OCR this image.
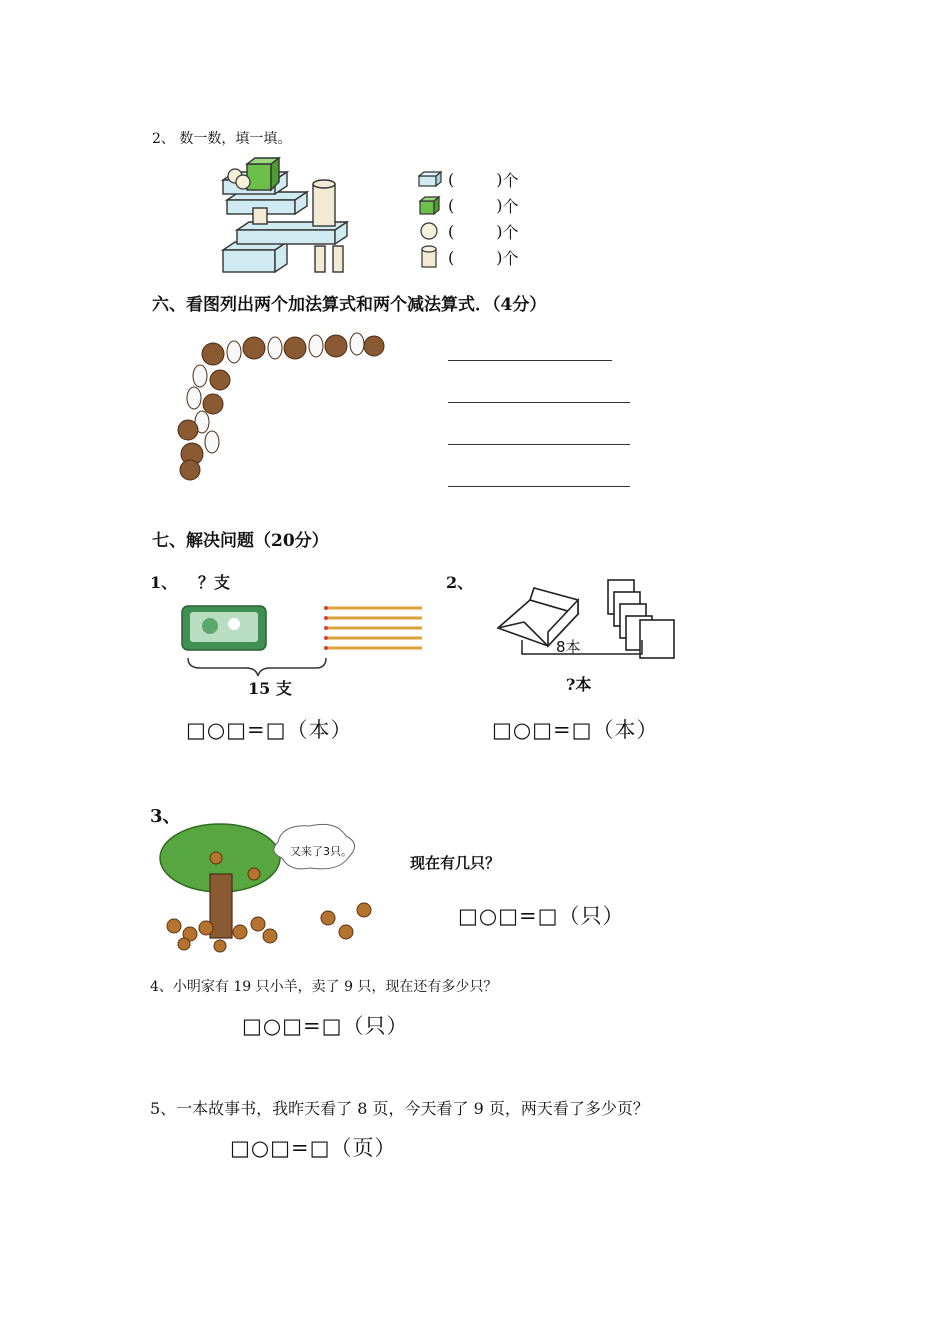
2、 数一数，填一填。
(	) 个
(	) 个
(	) 个
(	) 个
六、看图列出两个加法算式和两个减法算式．（4分）
七、解决问题（20分）
1、 ？支
15 支
□○□=□（本）
2、
8本
?本
□○□=□（本）
3、
又来了3只。
现在有几只？
□○□=□（只）
4、小明家有 19 只小羊，卖了 9 只，现在还有多少只？
□○□=□（只）
5、一本故事书，我昨天看了 8 页，今天看了 9 页，两天看了多少页？
□○□=□（页）
